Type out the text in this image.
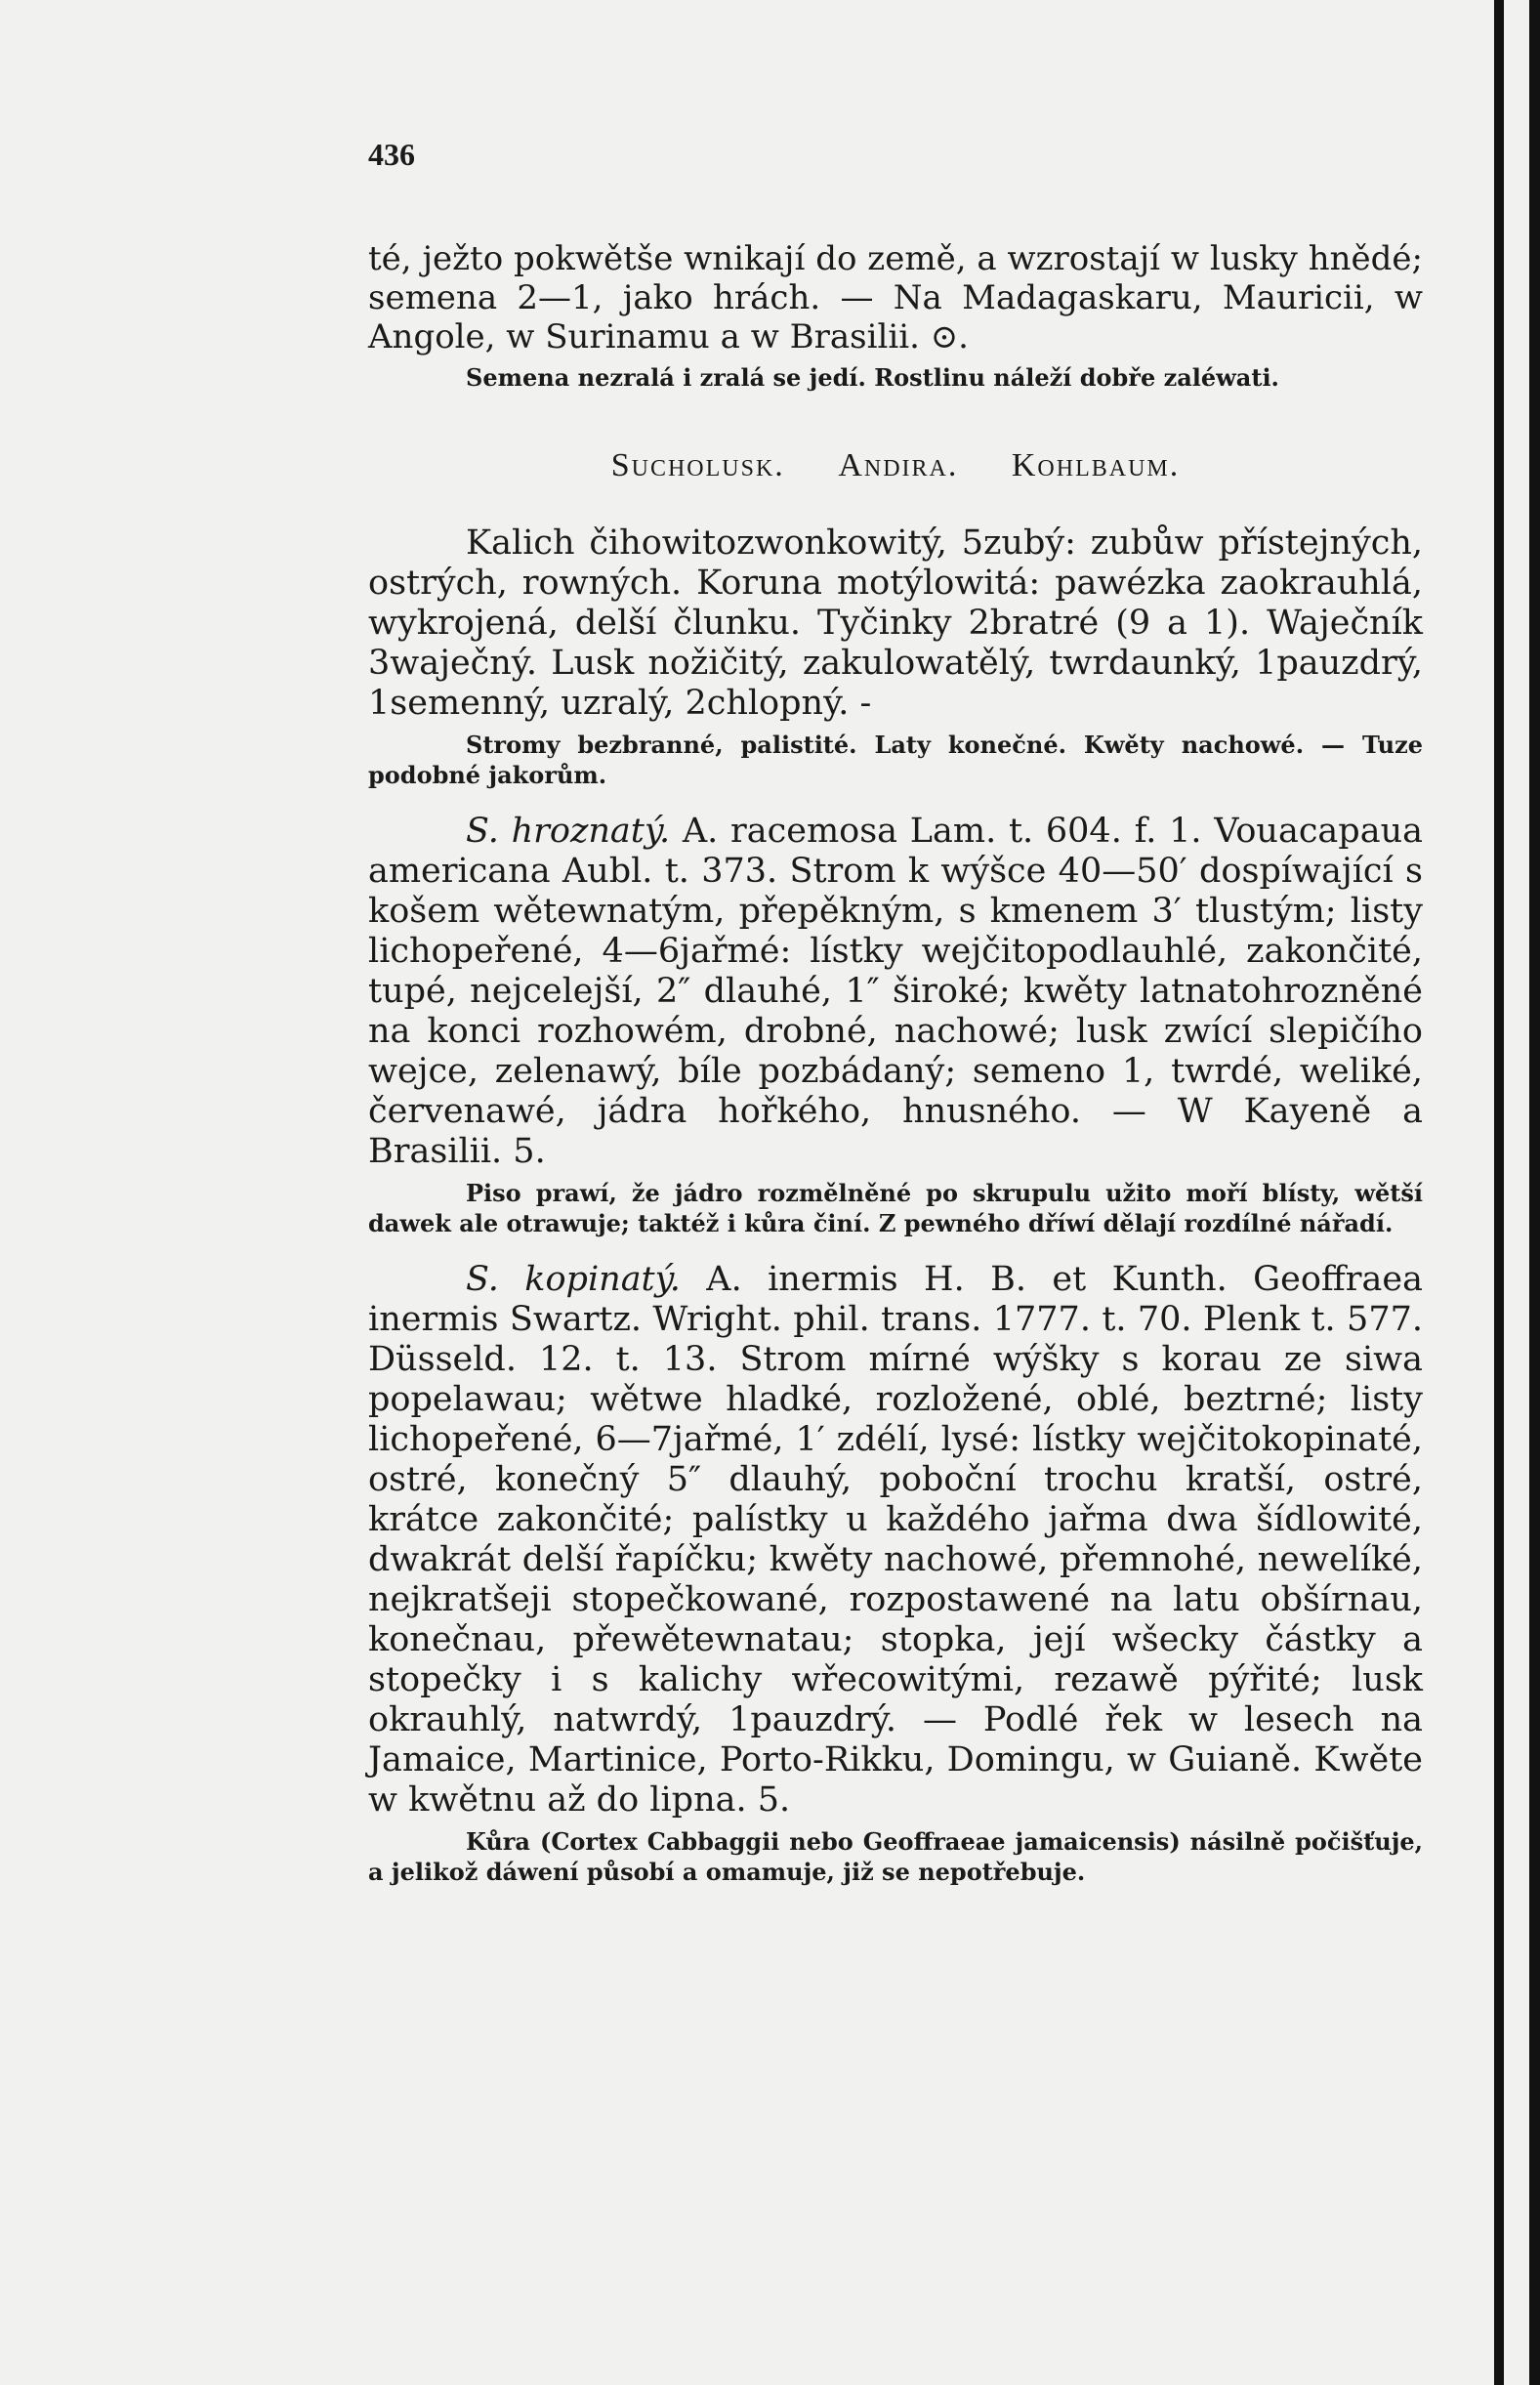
436

té, ježto pokwětše wnikají do země, a wzrostají w lusky hnědé; semena 2—1, jako hrách. — Na Madagaskaru, Mauricii, w Angole, w Surinamu a w Brasilii. ⊙.

Semena nezralá i zralá se jedí. Rostlinu náleží dobře zaléwati.

Sucholusk. Andira. Kohlbaum.

Kalich čihowitozwonkowitý, 5zubý: zubůw přístejných, ostrých, rowných. Koruna motýlowitá: pawézka zaokrauhlá, wykrojená, delší člunku. Tyčinky 2bratré (9 a 1). Waječník 3waječný. Lusk nožičitý, zakulowatělý, twrdaunký, 1pauzdrý, 1semenný, uzralý, 2chlopný. -

Stromy bezbranné, palistité. Laty konečné. Kwěty nachowé. — Tuze podobné jakorům.

S. hroznatý. A. racemosa Lam. t. 604. f. 1. Vouacapaua americana Aubl. t. 373. Strom k wýšce 40—50′ dospíwající s košem wětewnatým, přepěkným, s kmenem 3′ tlustým; listy lichopeřené, 4—6jařmé: lístky wejčitopodlauhlé, zakončité, tupé, nejcelejší, 2″ dlauhé, 1″ široké; kwěty latnatohrozněné na konci rozhowém, drobné, nachowé; lusk zwící slepičího wejce, zelenawý, bíle pozbádaný; semeno 1, twrdé, weliké, červenawé, jádra hořkého, hnusného. — W Kayeně a Brasilii. 5.

Piso prawí, že jádro rozmělněné po skrupulu užito moří blísty, wětší dawek ale otrawuje; taktéž i kůra činí. Z pewného dříwí dělají rozdílné nářadí.

S. kopinatý. A. inermis H. B. et Kunth. Geoffraea inermis Swartz. Wright. phil. trans. 1777. t. 70. Plenk t. 577. Düsseld. 12. t. 13. Strom mírné wýšky s korau ze siwa popelawau; wětwe hladké, rozložené, oblé, beztrné; listy lichopeřené, 6—7jařmé, 1′ zdélí, lysé: lístky wejčitokopinaté, ostré, konečný 5″ dlauhý, poboční trochu kratší, ostré, krátce zakončité; palístky u každého jařma dwa šídlowité, dwakrát delší řapíčku; kwěty nachowé, přemnohé, newelíké, nejkratšeji stopečkowané, rozpostawené na latu obšírnau, konečnau, přewětewnatau; stopka, její wšecky částky a stopečky i s kalichy wřecowitými, rezawě pýřité; lusk okrauhlý, natwrdý, 1pauzdrý. — Podlé řek w lesech na Jamaice, Martinice, Porto-Rikku, Domingu, w Guianě. Kwěte w kwětnu až do lipna. 5.

Kůra (Cortex Cabbaggii nebo Geoffraeae jamaicensis) násilně počišťuje, a jelikož dáwení působí a omamuje, již se nepotřebuje.
